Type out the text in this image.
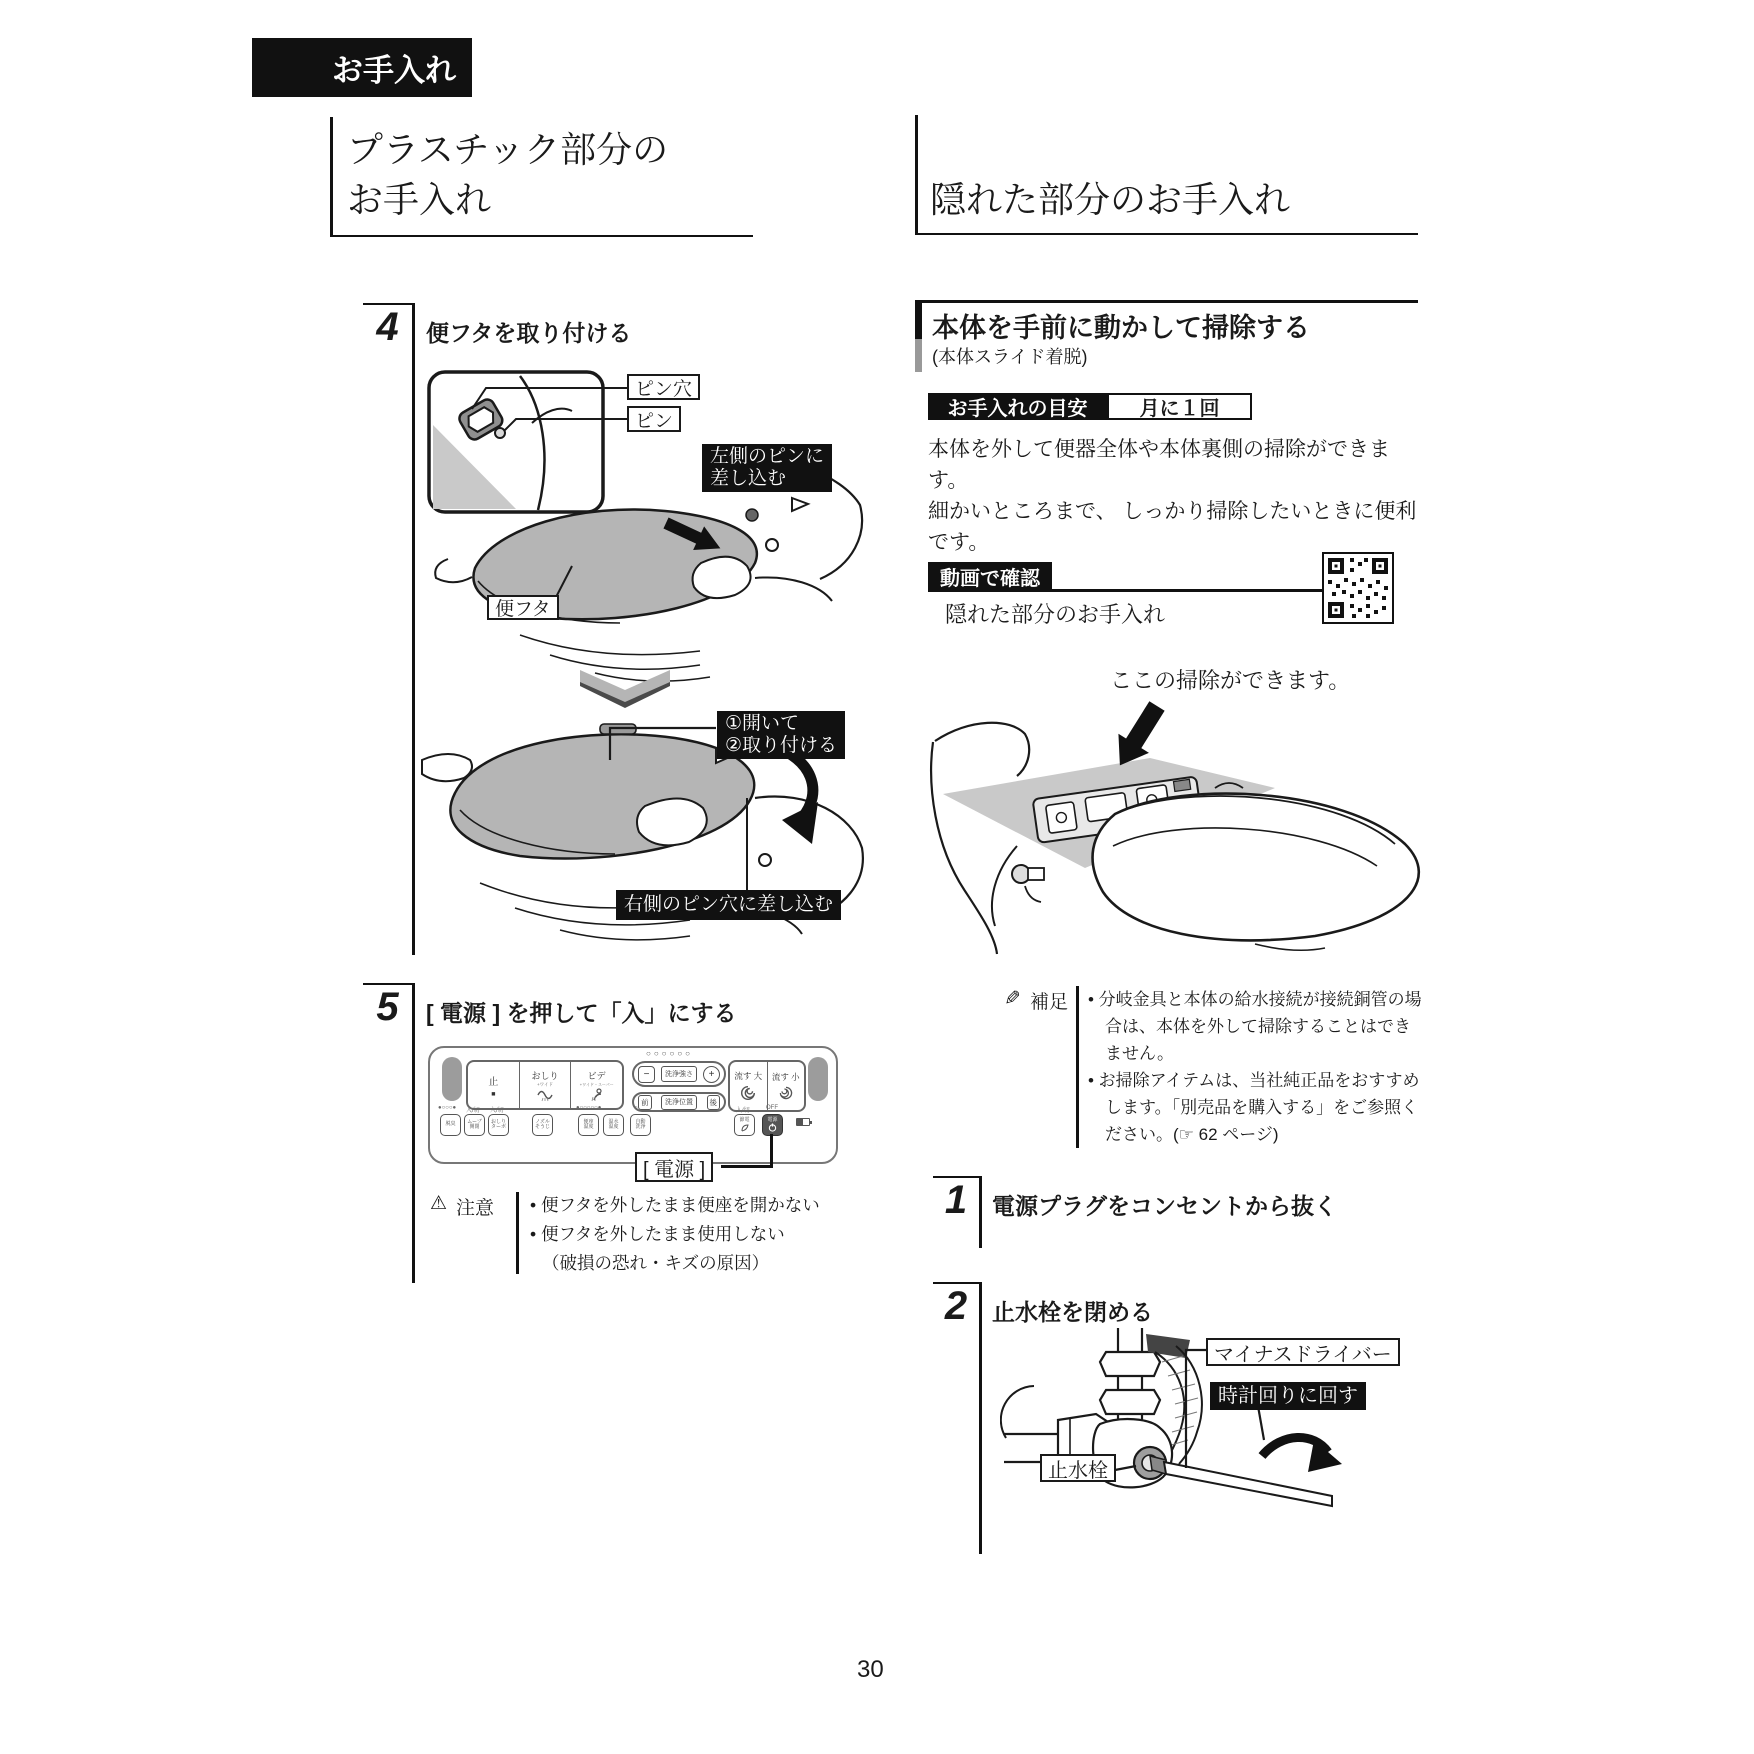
お手入れ
プラスチック部分の
お手入れ	隠れた部分のお手入れ
4	便フタを取り付ける
ピン穴
ピン
左側のピンに
差し込む
便フタ
①開いて
②取り付ける
右側のピン穴に差し込む
5	[ 電源 ] を押して「入」にする
止
■
おしり
+ワイド
ビデ
+ワイド・スーパー
○○○○○○
−	洗浄強さ	+
前	洗浄位置	後
流す 大 流す 小
●○○○● 入/切 入/切	●○○○○○●	○	入/切	OFF
脱臭 ムーブ
開閉
おしり
ターボ
ノズル
そうじ
便座
温度
温水
温度
自動
洗浄
節電	電源
[ 電源 ]
⚠ 注意 • 便フタを外したまま便座を開かない
• 便フタを外したまま使用しない
（破損の恐れ・キズの原因）
本体を手前に動かして掃除する
(本体スライド着脱)
お手入れの目安	月に１回
本体を外して便器全体や本体裏側の掃除ができま
す。
細かいところまで、 しっかり掃除したいときに便利
です。
動画で確認
隠れた部分のお手入れ
ここの掃除ができます。
✎ 補足 • 分岐金具と本体の給水接続が接続銅管の場合は、本体を外して掃除することはできません。
• お掃除アイテムは、当社純正品をおすすめします。「別売品を購入する」をご参照ください。(☞ 62 ページ)
1	電源プラグをコンセントから抜く
2	止水栓を閉める
マイナスドライバー
時計回りに回す
止水栓
30
